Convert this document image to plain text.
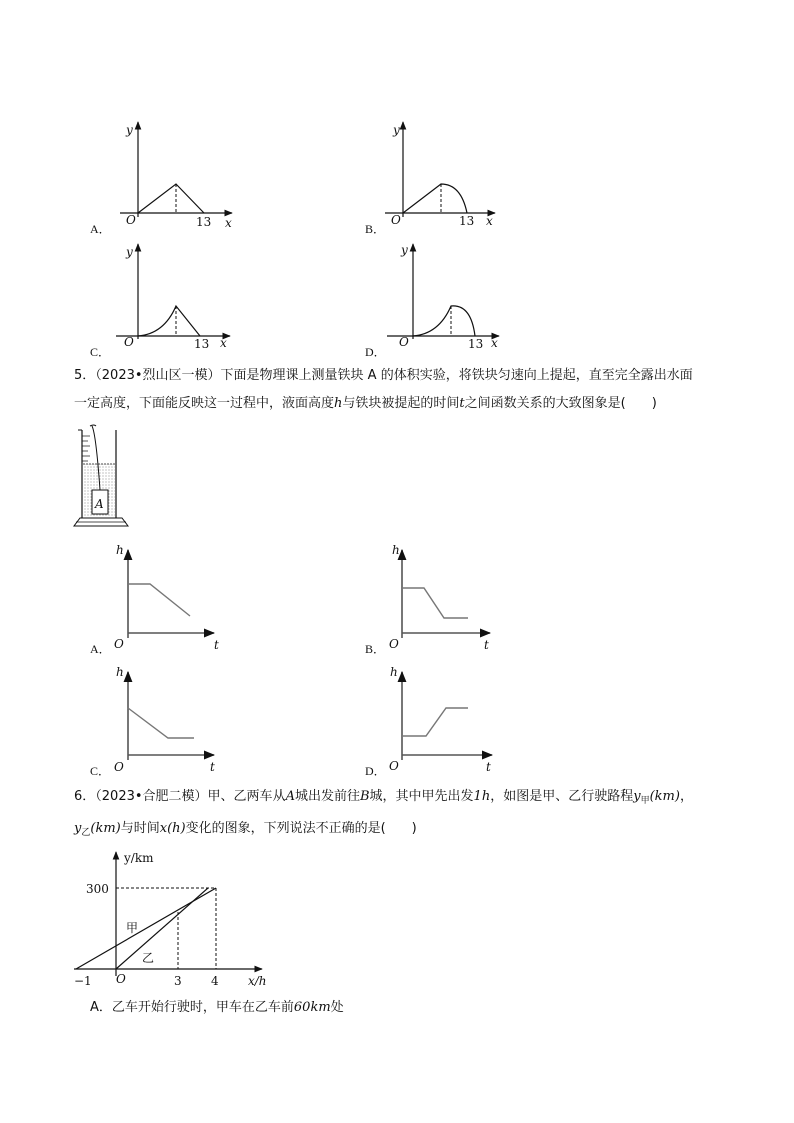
y
x
O	13
A．
y
x
O	13
B．
y
x
O	13
C．
y
x
O	13
D．
5．（2023•烈山区一模）下面是物理课上测量铁块 A 的体积实验，将铁块匀速向上提起，直至完全露出水面
一定高度，下面能反映这一过程中，液面高度h与铁块被提起的时间t之间函数关系的大致图象是(　　)
A
h
t
O
A．
h
t
O
B．
h
t
O
C．
h
t
O
D．
6．（2023•合肥二模）甲、乙两车从A城出发前往B城，其中甲先出发1h，如图是甲、乙行驶路程$y_甲(km)$，
$y_乙(km)$与时间x(h)变化的图象，下列说法不正确的是(　　)
y/km
x/h
300
O
−1	3 4
甲
乙
A．乙车开始行驶时，甲车在乙车前60km处
